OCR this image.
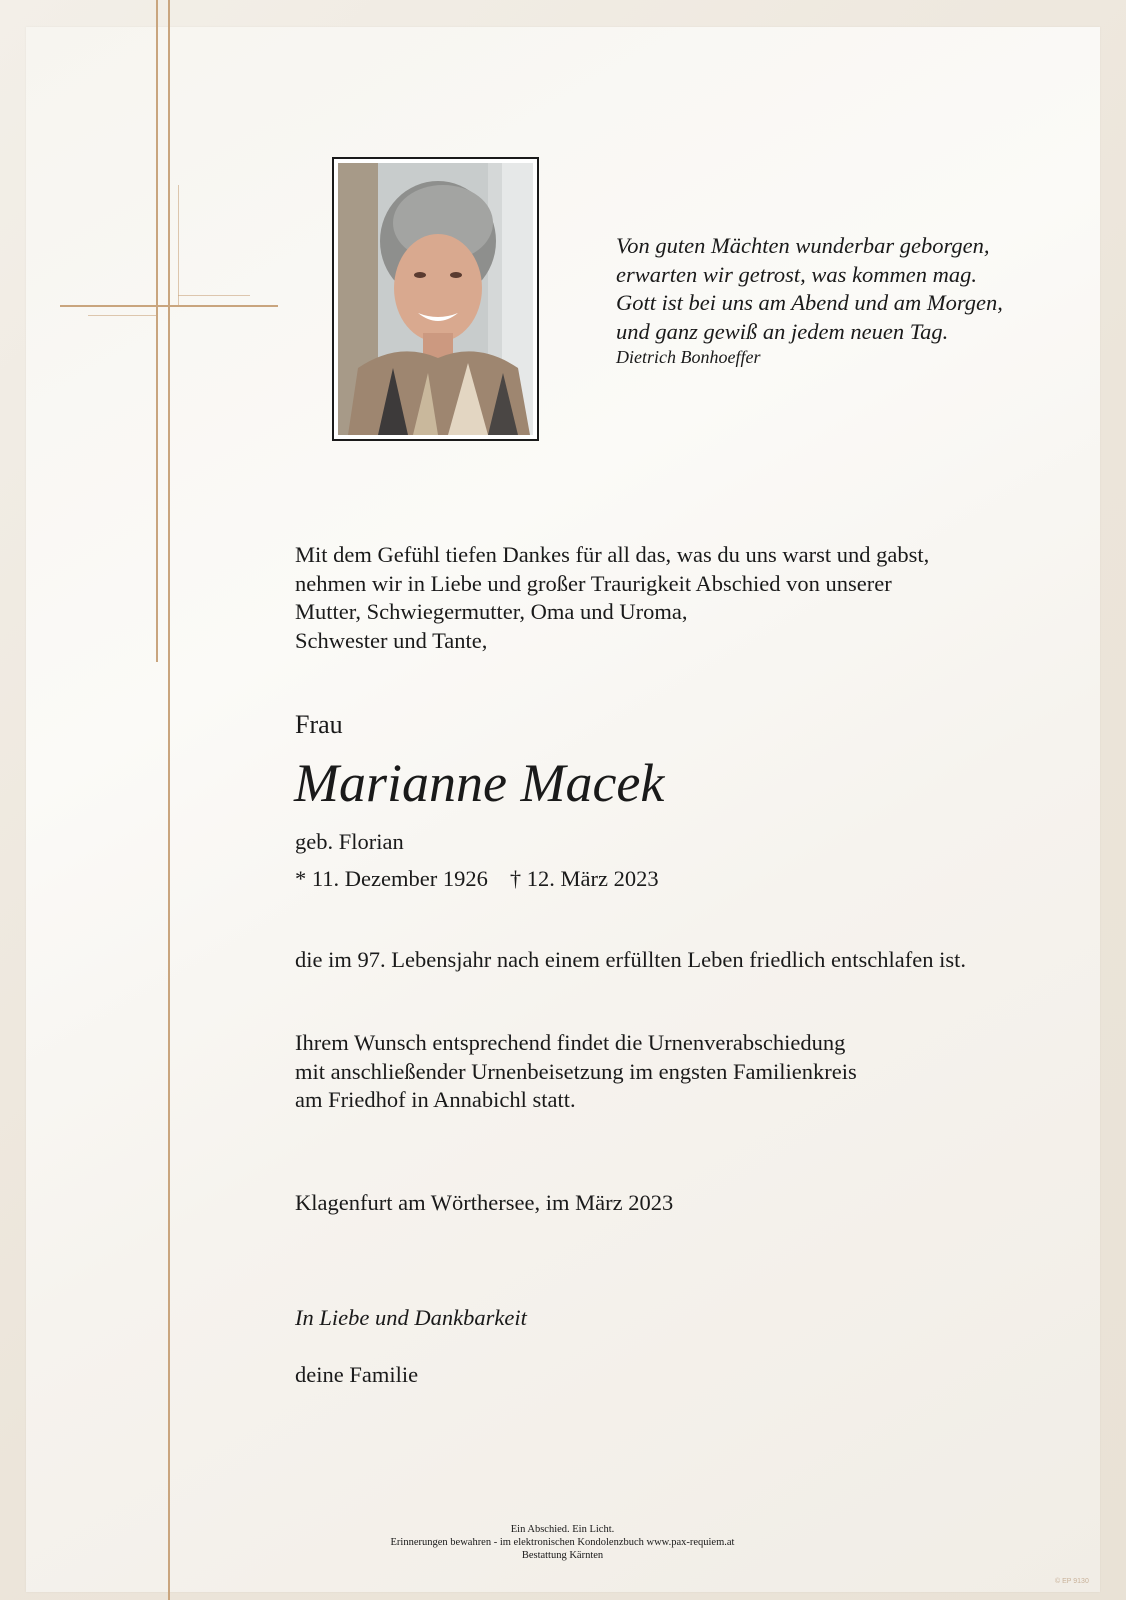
Von guten Mächten wunderbar geborgen,
erwarten wir getrost, was kommen mag.
Gott ist bei uns am Abend und am Morgen,
und ganz gewiß an jedem neuen Tag.
Dietrich Bonhoeffer
Mit dem Gefühl tiefen Dankes für all das, was du uns warst und gabst,
nehmen wir in Liebe und großer Traurigkeit Abschied von unserer
Mutter, Schwiegermutter, Oma und Uroma,
Schwester und Tante,
Frau
Marianne Macek
geb. Florian
* 11. Dezember 1926 † 12. März 2023
die im 97. Lebensjahr nach einem erfüllten Leben friedlich entschlafen ist.
Ihrem Wunsch entsprechend findet die Urnenverabschiedung
mit anschließender Urnenbeisetzung im engsten Familienkreis
am Friedhof in Annabichl statt.
Klagenfurt am Wörthersee, im März 2023
In Liebe und Dankbarkeit
deine Familie
Ein Abschied. Ein Licht.
Erinnerungen bewahren - im elektronischen Kondolenzbuch www.pax-requiem.at
Bestattung Kärnten
© EP 9130
